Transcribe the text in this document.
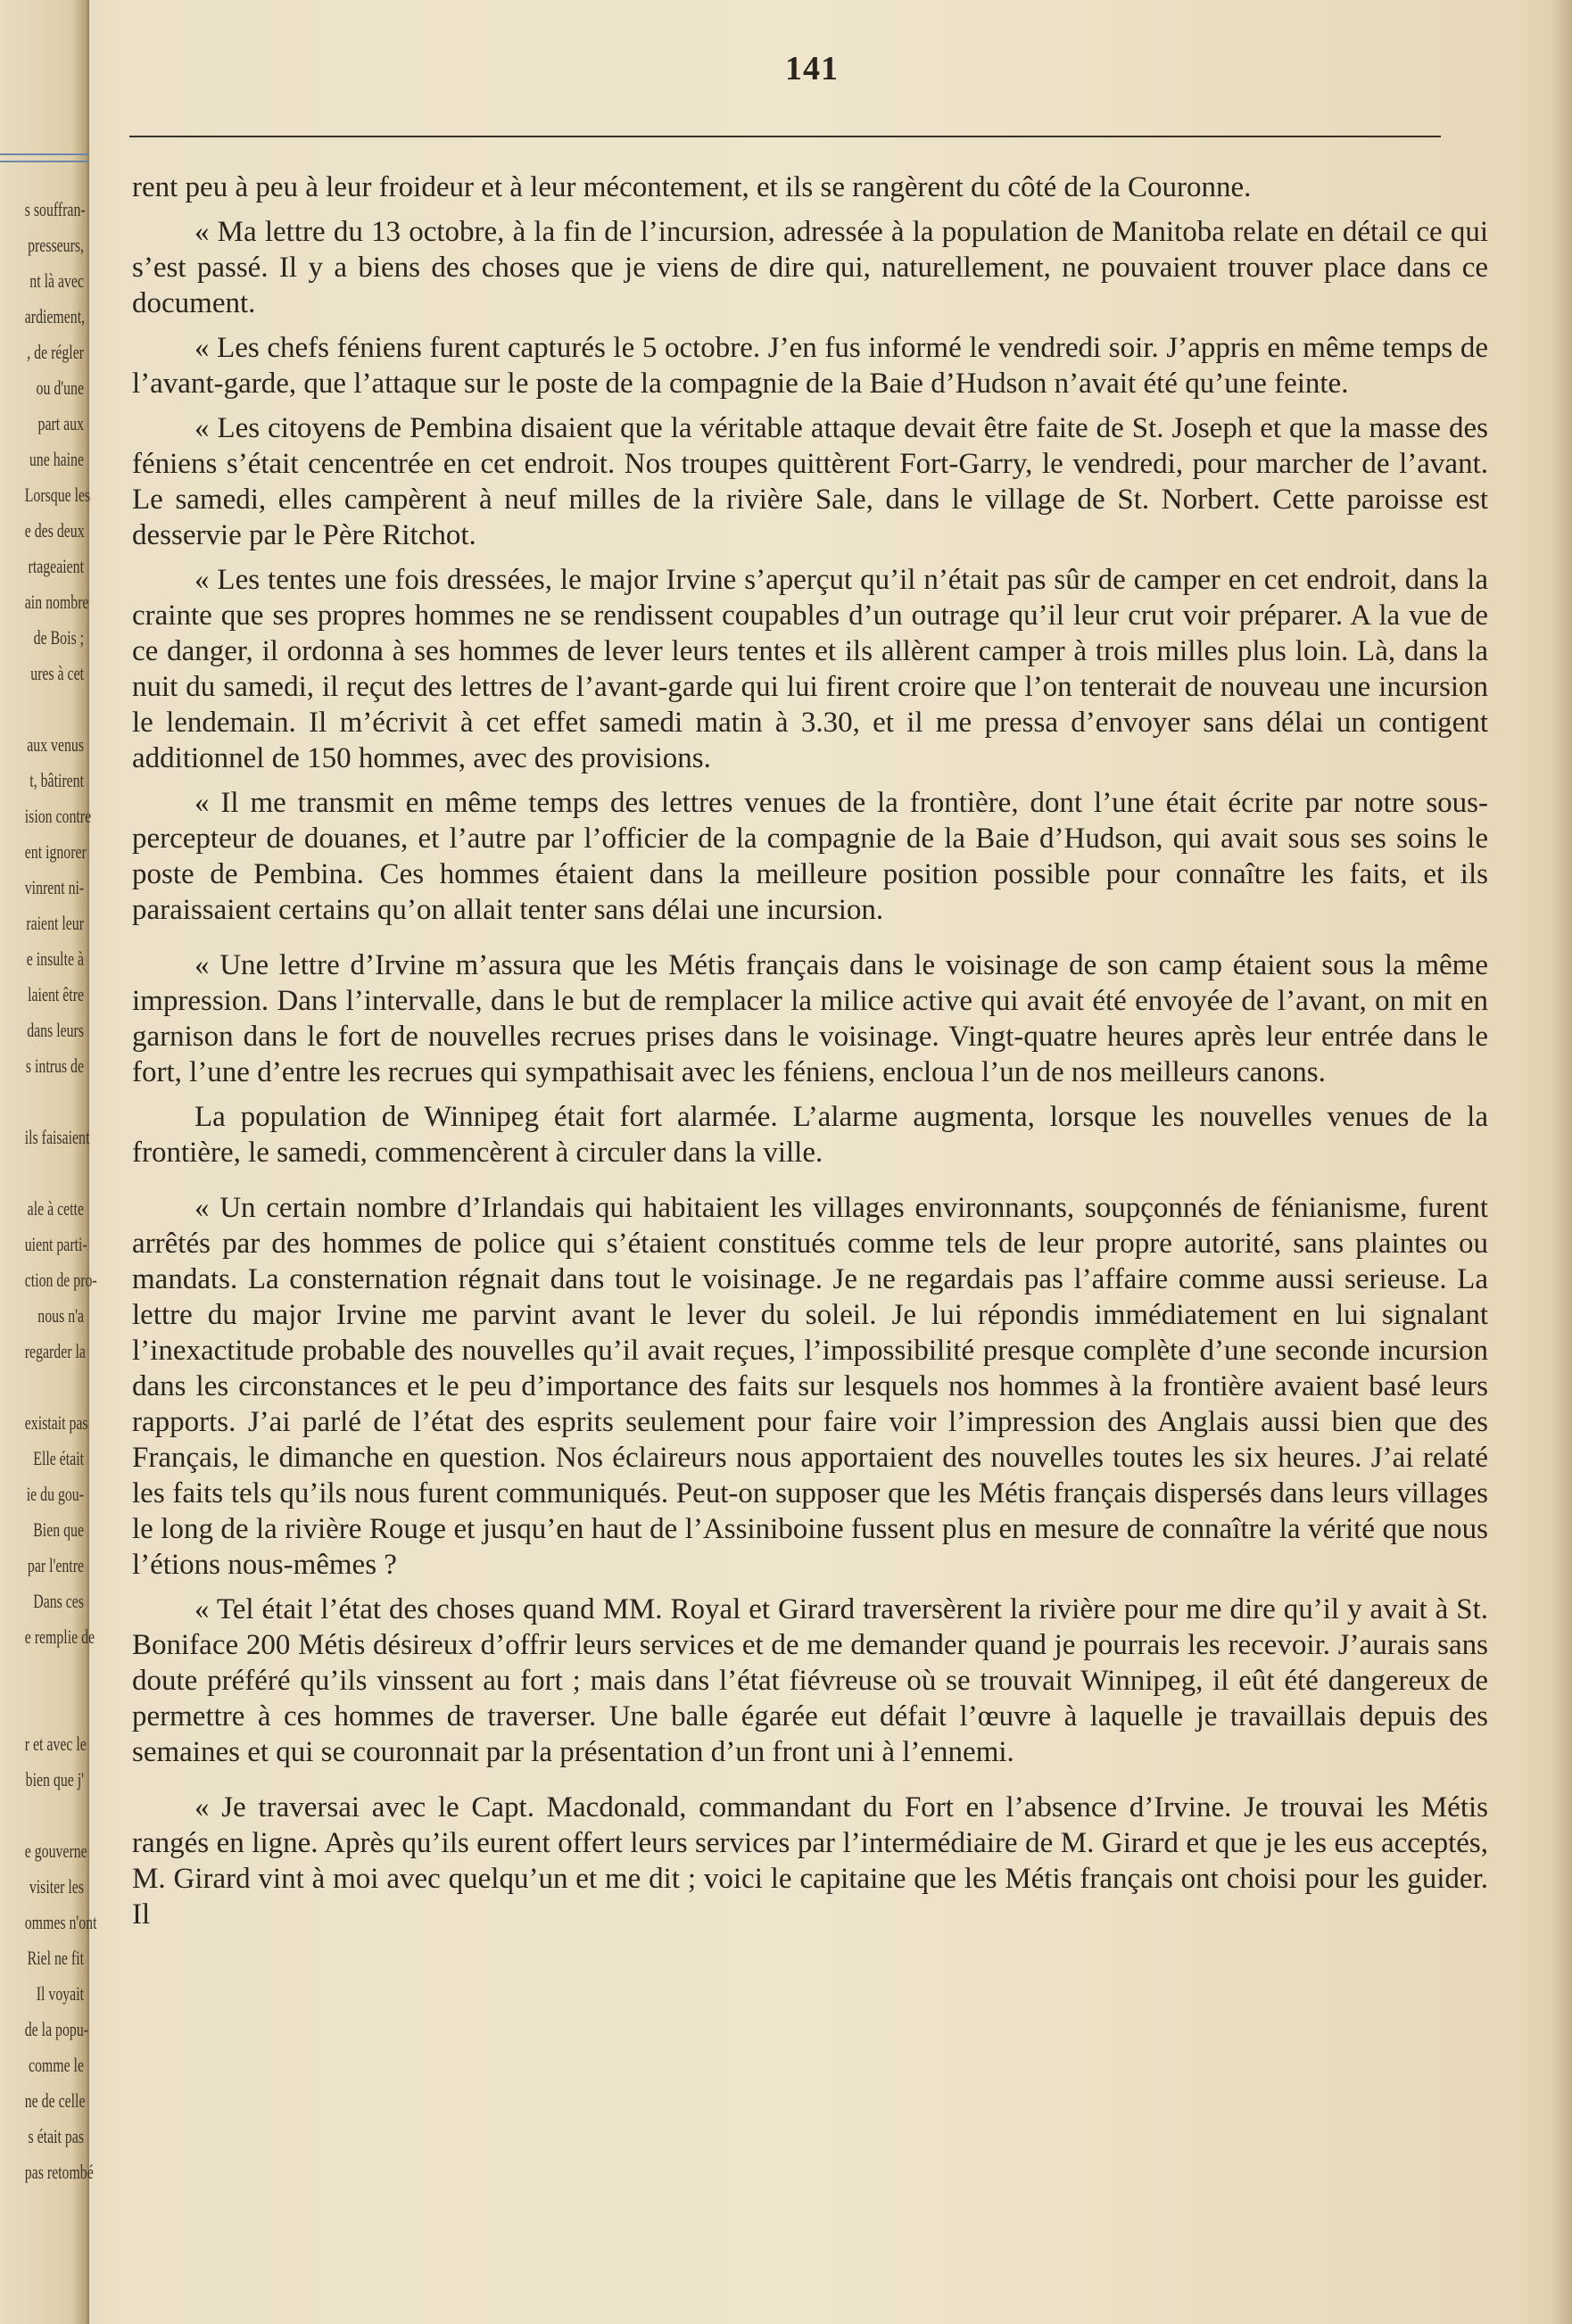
s souffran-
presseurs,
nt là avec
ardiement,
, de régler
ou d'une
part aux
une haine
Lorsque les
e des deux
rtageaient
ain nombre
de Bois ;
ures à cet
aux venus
t, bâtirent
ision contre
ent ignorer
vinrent ni-
raient leur
e insulte à
laient être
dans leurs
s intrus de
ils faisaient
ale à cette
uient parti-
ction de pro-
nous n'a
regarder la
existait pas
Elle était
ie du gou-
Bien que
par l'entre
Dans ces
e remplie de
r et avec le
bien que j'
e gouverne
visiter les
ommes n'ont
Riel ne fit
Il voyait
de la popu-
comme le
ne de celle
s était pas
pas retombé
141

rent peu à peu à leur froideur et à leur mécontement, et ils se rangèrent du côté de la Couronne.

« Ma lettre du 13 octobre, à la fin de l’incursion, adressée à la population de Manitoba relate en détail ce qui s’est passé. Il y a biens des choses que je viens de dire qui, naturellement, ne pouvaient trouver place dans ce document.

« Les chefs féniens furent capturés le 5 octobre. J’en fus informé le vendredi soir. J’appris en même temps de l’avant-garde, que l’attaque sur le poste de la compagnie de la Baie d’Hudson n’avait été qu’une feinte.

« Les citoyens de Pembina disaient que la véritable attaque devait être faite de St. Joseph et que la masse des féniens s’était cencentrée en cet endroit. Nos troupes quittèrent Fort-Garry, le vendredi, pour marcher de l’avant. Le samedi, elles campèrent à neuf milles de la rivière Sale, dans le village de St. Norbert. Cette paroisse est desservie par le Père Ritchot.

« Les tentes une fois dressées, le major Irvine s’aperçut qu’il n’était pas sûr de camper en cet endroit, dans la crainte que ses propres hommes ne se rendissent coupables d’un outrage qu’il leur crut voir préparer. A la vue de ce danger, il ordonna à ses hommes de lever leurs tentes et ils allèrent camper à trois milles plus loin. Là, dans la nuit du samedi, il reçut des lettres de l’avant-garde qui lui firent croire que l’on tenterait de nouveau une incursion le lendemain. Il m’écrivit à cet effet samedi matin à 3.30, et il me pressa d’envoyer sans délai un contigent additionnel de 150 hommes, avec des provisions.

« Il me transmit en même temps des lettres venues de la frontière, dont l’une était écrite par notre sous-percepteur de douanes, et l’autre par l’officier de la compagnie de la Baie d’Hudson, qui avait sous ses soins le poste de Pembina. Ces hommes étaient dans la meilleure position possible pour connaître les faits, et ils paraissaient certains qu’on allait tenter sans délai une incursion.

« Une lettre d’Irvine m’assura que les Métis français dans le voisinage de son camp étaient sous la même impression. Dans l’intervalle, dans le but de remplacer la milice active qui avait été envoyée de l’avant, on mit en garnison dans le fort de nouvelles recrues prises dans le voisinage. Vingt-quatre heures après leur entrée dans le fort, l’une d’entre les recrues qui sympathisait avec les féniens, encloua l’un de nos meilleurs canons.

La population de Winnipeg était fort alarmée. L’alarme augmenta, lorsque les nouvelles venues de la frontière, le samedi, commencèrent à circuler dans la ville.

« Un certain nombre d’Irlandais qui habitaient les villages environnants, soupçonnés de fénianisme, furent arrêtés par des hommes de police qui s’étaient constitués comme tels de leur propre autorité, sans plaintes ou mandats. La consternation régnait dans tout le voisinage. Je ne regardais pas l’affaire comme aussi serieuse. La lettre du major Irvine me parvint avant le lever du soleil. Je lui répondis immédiatement en lui signalant l’inexactitude probable des nouvelles qu’il avait reçues, l’impossibilité presque complète d’une seconde incursion dans les circonstances et le peu d’importance des faits sur lesquels nos hommes à la frontière avaient basé leurs rapports. J’ai parlé de l’état des esprits seulement pour faire voir l’impression des Anglais aussi bien que des Français, le dimanche en question. Nos éclaireurs nous apportaient des nouvelles toutes les six heures. J’ai relaté les faits tels qu’ils nous furent communiqués. Peut-on supposer que les Métis français dispersés dans leurs villages le long de la rivière Rouge et jusqu’en haut de l’Assiniboine fussent plus en mesure de connaître la vérité que nous l’étions nous-mêmes ?

« Tel était l’état des choses quand MM. Royal et Girard traversèrent la rivière pour me dire qu’il y avait à St. Boniface 200 Métis désireux d’offrir leurs services et de me demander quand je pourrais les recevoir. J’aurais sans doute préféré qu’ils vinssent au fort ; mais dans l’état fiévreuse où se trouvait Winnipeg, il eût été dangereux de permettre à ces hommes de traverser. Une balle égarée eut défait l’œuvre à laquelle je travaillais depuis des semaines et qui se couronnait par la présentation d’un front uni à l’ennemi.

« Je traversai avec le Capt. Macdonald, commandant du Fort en l’absence d’Irvine. Je trouvai les Métis rangés en ligne. Après qu’ils eurent offert leurs services par l’intermédiaire de M. Girard et que je les eus acceptés, M. Girard vint à moi avec quelqu’un et me dit ; voici le capitaine que les Métis français ont choisi pour les guider. Il
